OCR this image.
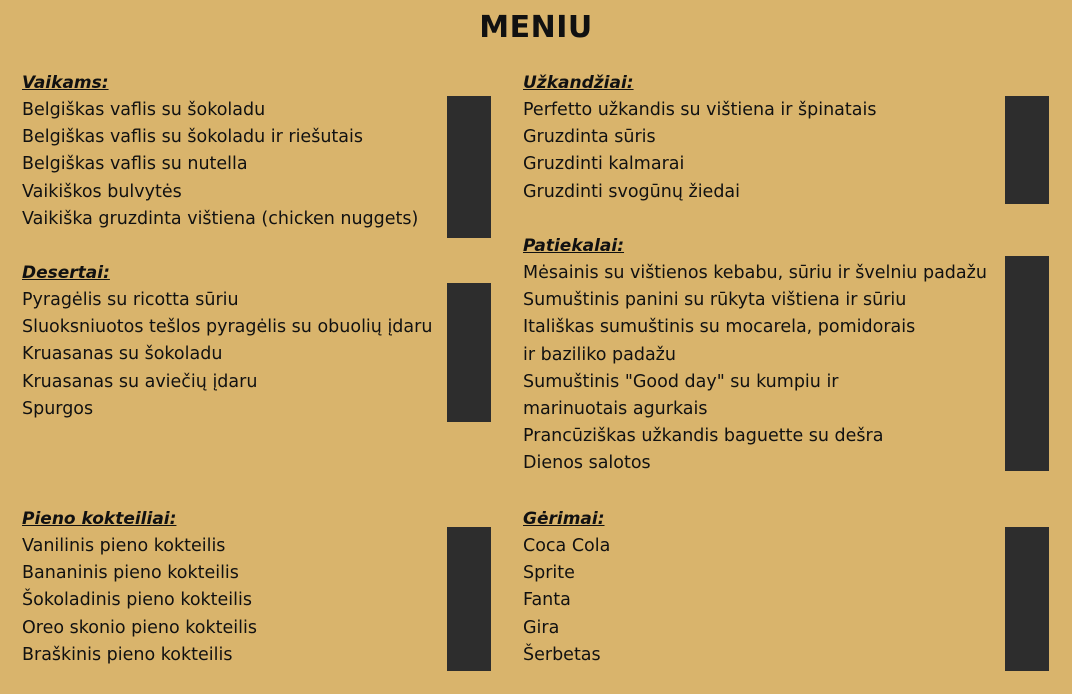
MENIU
Vaikams:
Belgiškas vaflis su šokoladu
Belgiškas vaflis su šokoladu ir riešutais
Belgiškas vaflis su nutella
Vaikiškos bulvytės
Vaikiška gruzdinta vištiena (chicken nuggets)
Desertai:
Pyragėlis su ricotta sūriu
Sluoksniuotos tešlos pyragėlis su obuolių įdaru
Kruasanas su šokoladu
Kruasanas su aviečių įdaru
Spurgos
Pieno kokteiliai:
Vanilinis pieno kokteilis
Bananinis pieno kokteilis
Šokoladinis pieno kokteilis
Oreo skonio pieno kokteilis
Braškinis pieno kokteilis
Užkandžiai:
Perfetto užkandis su vištiena ir špinatais
Gruzdinta sūris
Gruzdinti kalmarai
Gruzdinti svogūnų žiedai
Patiekalai:
Mėsainis su vištienos kebabu, sūriu ir švelniu padažu
Sumuštinis panini su rūkyta vištiena ir sūriu
Itališkas sumuštinis su mocarela, pomidorais
ir baziliko padažu
Sumuštinis "Good day" su kumpiu ir
marinuotais agurkais
Prancūziškas užkandis baguette su dešra
Dienos salotos
Gėrimai:
Coca Cola
Sprite
Fanta
Gira
Šerbetas
